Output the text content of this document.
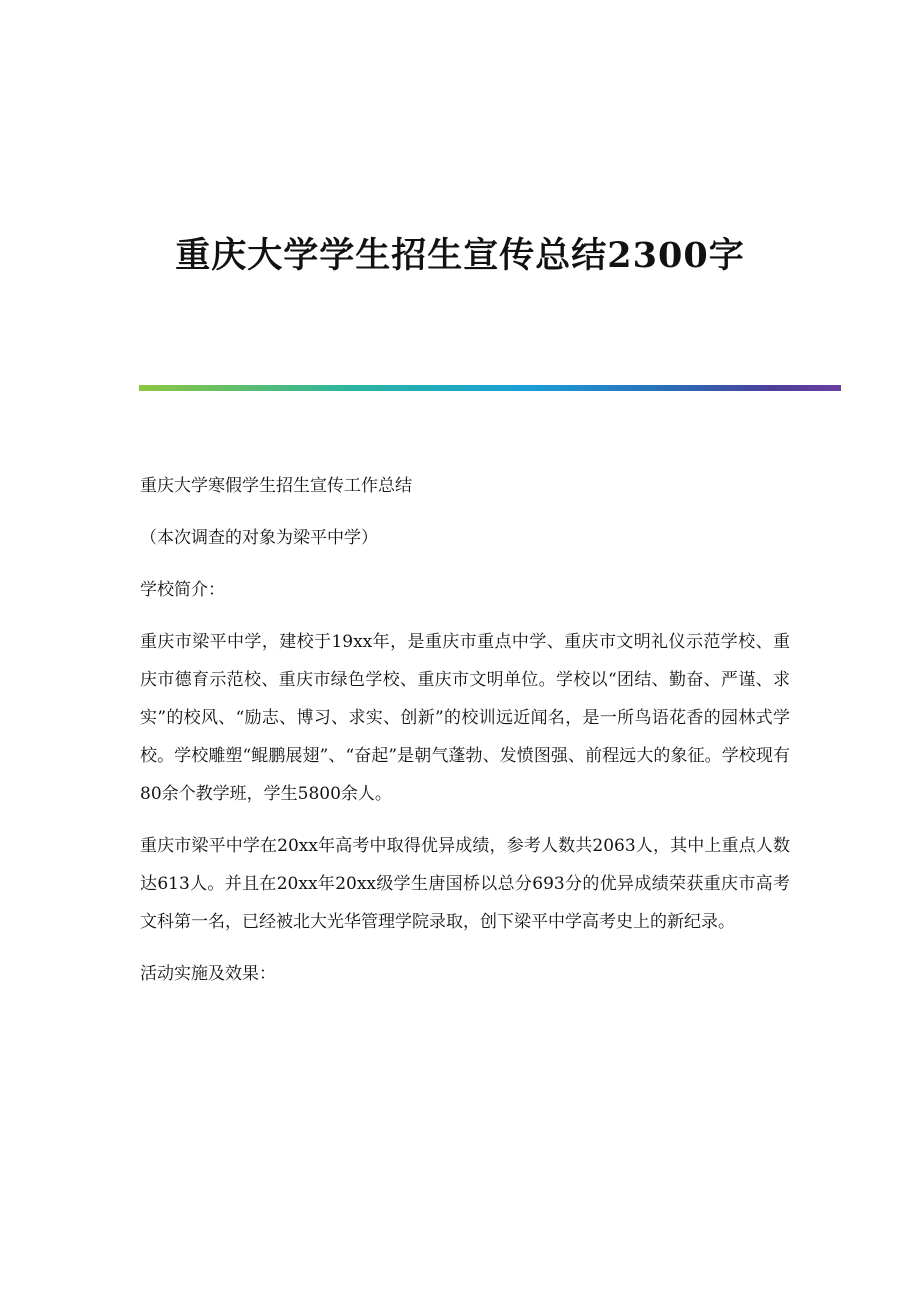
重庆大学学生招生宣传总结2300字

重庆大学寒假学生招生宣传工作总结

（本次调查的对象为梁平中学）

学校简介：

重庆市梁平中学，建校于19xx年，是重庆市重点中学、重庆市文明礼仪示范学校、重庆市德育示范校、重庆市绿色学校、重庆市文明单位。学校以“团结、勤奋、严谨、求实”的校风、“励志、博习、求实、创新”的校训远近闻名，是一所鸟语花香的园林式学校。学校雕塑“鲲鹏展翅”、“奋起”是朝气蓬勃、发愤图强、前程远大的象征。学校现有80余个教学班，学生5800余人。

重庆市梁平中学在20xx年高考中取得优异成绩，参考人数共2063人，其中上重点人数达613人。并且在20xx年20xx级学生唐国桥以总分693分的优异成绩荣获重庆市高考文科第一名，已经被北大光华管理学院录取，创下梁平中学高考史上的新纪录。

活动实施及效果：
